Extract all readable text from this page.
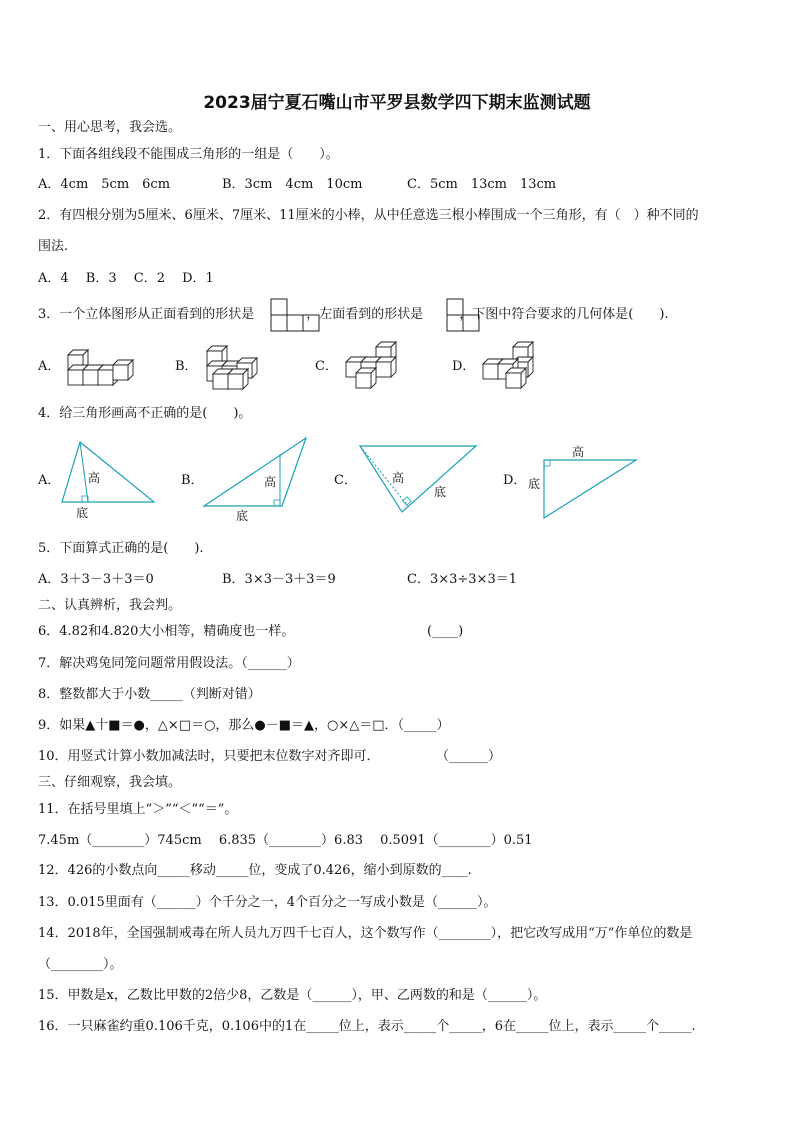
2023届宁夏石嘴山市平罗县数学四下期末监测试题
一、用心思考，我会选。
1．下面各组线段不能围成三角形的一组是（　　）。
A．4cm　5cm　6cm	B．3cm　4cm　10cm	C．5cm　13cm　13cm
2．有四根分别为5厘米、6厘米、7厘米、11厘米的小棒，从中任意选三根小棒围成一个三角形，有（　）种不同的
围法.
A．4　 B．3　 C．2　 D．1
3．一个立体图形从正面看到的形状是	，左面看到的形状是	，下图中符合要求的几何体是(　　).
A．	B．	C．	D．
4．给三角形画高不正确的是(　　)。
A．	B．	C．	D．
高
底
高
底
高
底
高
底
5．下面算式正确的是(　　).
A．3＋3－3＋3＝0	B．3×3－3＋3＝9	C．3×3÷3×3＝1
二、认真辨析，我会判。
6．4.82和4.820大小相等，精确度也一样。	(____)
7．解决鸡兔同笼问题常用假设法。（______）
8．整数都大于小数_____（判断对错）
9．如果▲十■＝●，△×□＝○，那么●－■＝▲，○×△＝□．（_____）
10．用竖式计算小数加减法时，只要把末位数字对齐即可．	（______）
三、仔细观察，我会填。
11．在括号里填上“＞”“＜”“＝”。
7.45m（________）745cm　 6.835（________）6.83　 0.5091（________）0.51
12．426的小数点向_____移动_____位，变成了0.426，缩小到原数的____.
13．0.015里面有（______）个千分之一，4个百分之一写成小数是（______）。
14．2018年，全国强制戒毒在所人员九万四千七百人，这个数写作（________），把它改写成用“万”作单位的数是
（________）。
15．甲数是x，乙数比甲数的2倍少8，乙数是（______），甲、乙两数的和是（______）。
16．一只麻雀约重0.106千克，0.106中的1在_____位上，表示_____个_____，6在_____位上，表示_____个_____.
